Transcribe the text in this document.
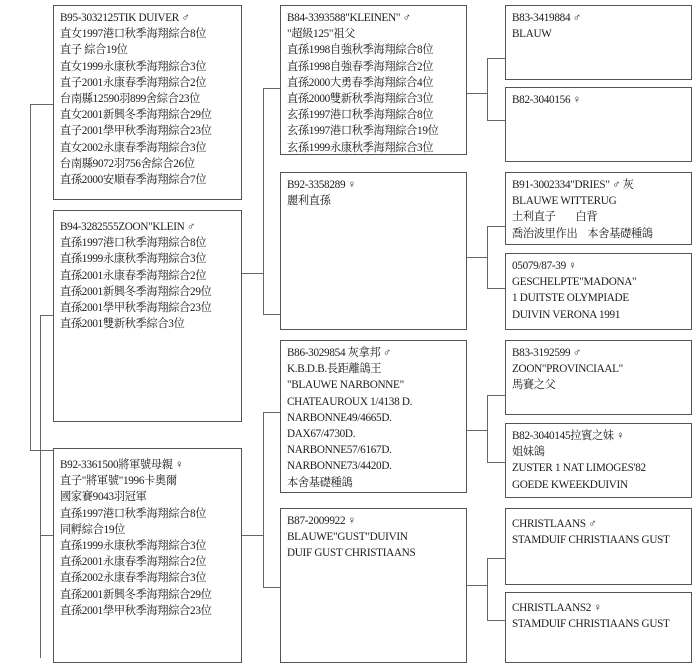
B95-3032125TIK DUIVER ♂
直女1997港口秋季海翔綜合8位
直子 綜合19位
直女1999永康秋季海翔綜合3位
直子2001永康春季海翔綜合2位
台南縣12590羽899舍綜合23位
直女2001新興冬季海翔綜合29位
直子2001學甲秋季海翔綜合23位
直女2002永康春季海翔綜合3位
台南縣9072羽756舍綜合26位
直孫2000安順春季海翔綜合7位
B94-3282555ZOON"KLEIN ♂
直孫1997港口秋季海翔綜合8位
直孫1999永康秋季海翔綜合3位
直孫2001永康春季海翔綜合2位
直孫2001新興冬季海翔綜合29位
直孫2001學甲秋季海翔綜合23位
直孫2001雙新秋季綜合3位
B92-3361500將軍號母親 ♀
直子"將軍號"1996卡奧爾
國家賽9043羽冠軍
直孫1997港口秋季海翔綜合8位
同孵綜合19位
直孫1999永康秋季海翔綜合3位
直孫2001永康春季海翔綜合2位
直孫2002永康春季海翔綜合3位
直孫2001新興冬季海翔綜合29位
直孫2001學甲秋季海翔綜合23位
B84-3393588"KLEINEN" ♂
"超級125"祖父
直孫1998自強秋季海翔綜合8位
直孫1998自強春季海翔綜合2位
直孫2000大勇春季海翔綜合4位
直孫2000雙新秋季海翔綜合3位
玄孫1997港口秋季海翔綜合8位
玄孫1997港口秋季海翔綜合19位
玄孫1999永康秋季海翔綜合3位
B92-3358289 ♀
麗利直孫
B86-3029854 灰拿邦 ♂
K.B.D.B.長距離鴿王
"BLAUWE NARBONNE"
CHATEAUROUX 1/4138 D.
NARBONNE49/4665D.
DAX67/4730D.
NARBONNE57/6167D.
NARBONNE73/4420D.
本舍基礎種鴿
B87-2009922 ♀
BLAUWE"GUST"DUIVIN
DUIF GUST CHRISTIAANS
B83-3419884 ♂
BLAUW
B82-3040156 ♀
B91-3002334"DRIES" ♂ 灰
BLAUWE WITTERUG
土利直子        白背
喬治波里作出    本舍基礎種鴿
05079/87-39 ♀
GESCHELPTE"MADONA"
1 DUITSTE OLYMPIADE
DUIVIN VERONA 1991
B83-3192599 ♂
ZOON"PROVINCIAAL"
馬賽之父
B82-3040145拉賓之妹 ♀
姐妹鴿
ZUSTER 1 NAT LIMOGES'82
GOEDE KWEEKDUIVIN
CHRISTLAANS ♂
STAMDUIF CHRISTIAANS GUST
CHRISTLAANS2 ♀
STAMDUIF CHRISTIAANS GUST
